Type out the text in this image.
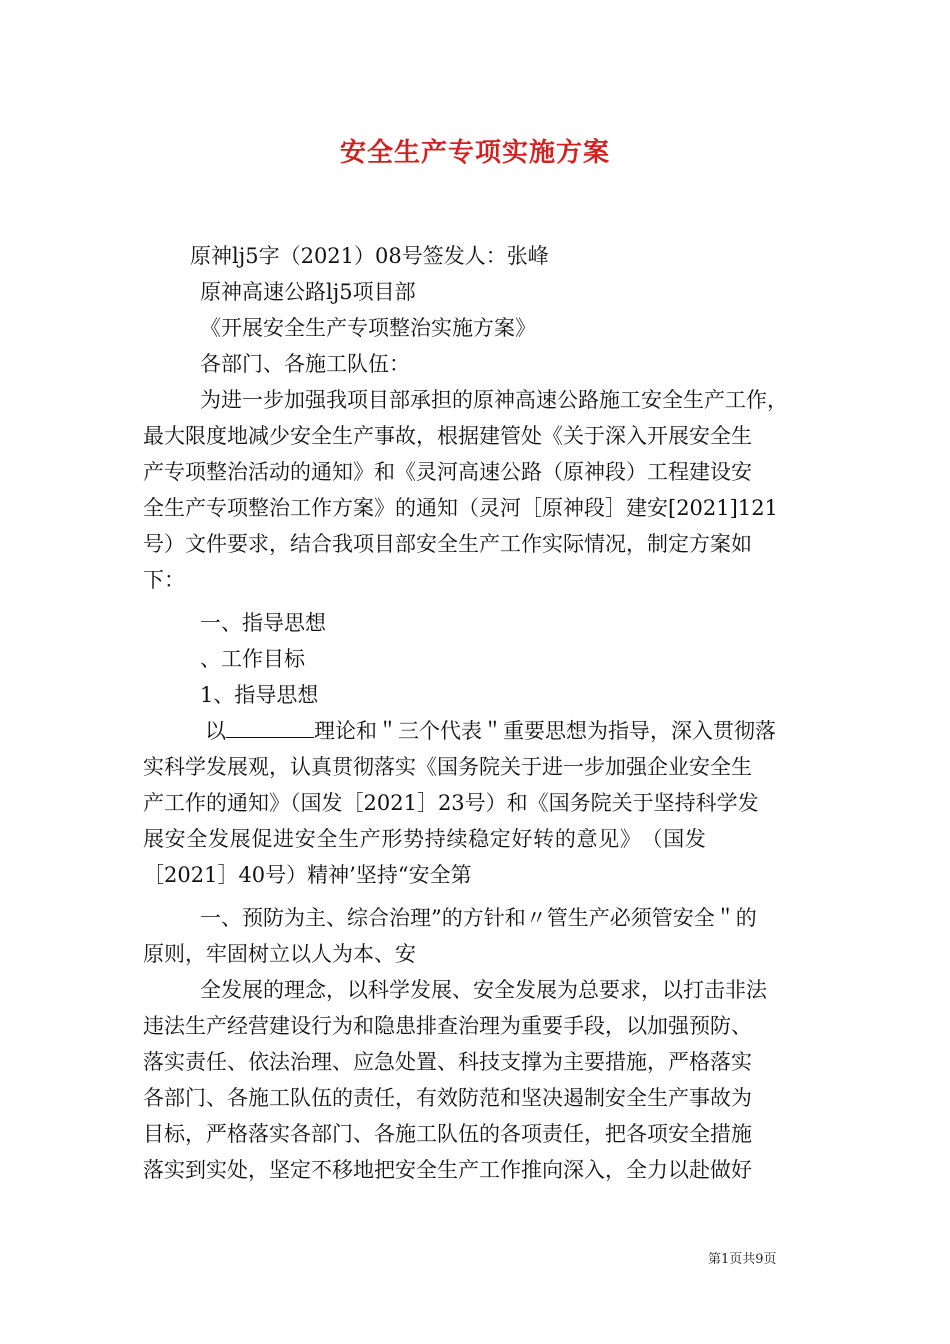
安全生产专项实施方案
原神lj5字（2021）08号签发人：张峰
原神高速公路lj5项目部
《开展安全生产专项整治实施方案》
各部门、各施工队伍：
为进一步加强我项目部承担的原神高速公路施工安全生产工作，
最大限度地减少安全生产事故，根据建管处《关于深入开展安全生
产专项整治活动的通知》和《灵河高速公路（原神段）工程建设安
全生产专项整治工作方案》的通知（灵河［原神段］建安[2021]121
号）文件要求，结合我项目部安全生产工作实际情况，制定方案如
下：
一、指导思想
、工作目标
1、指导思想
以	理论和＂三个代表＂重要思想为指导，深入贯彻落
实科学发展观，认真贯彻落实《国务院关于进一步加强企业安全生
产工作的通知》（国发［2021］23号）和《国务院关于坚持科学发
展 安 全 发 展 促 进 安 全 生 产 形 势 持 续 稳 定 好 转 的 意 见 》 （ 国 发
［2021］40号）精神’坚持“安全第
一、预防为主、综合治理”的方针和〃管生产必须管安全＂的
原则，牢固树立以人为本、安
全发展的理念，以科学发展、安全发展为总要求，以打击非法
违法生产经营建设行为和隐患排查治理为重要手段，以加强预防、
落实责任、依法治理、应急处置、科技支撑为主要措施，严格落实
各部门、各施工队伍的责任，有效防范和坚决遏制安全生产事故为
目标，严格落实各部门、各施工队伍的各项责任，把各项安全措施
落实到实处，坚定不移地把安全生产工作推向深入，全力以赴做好
第1页共9页
